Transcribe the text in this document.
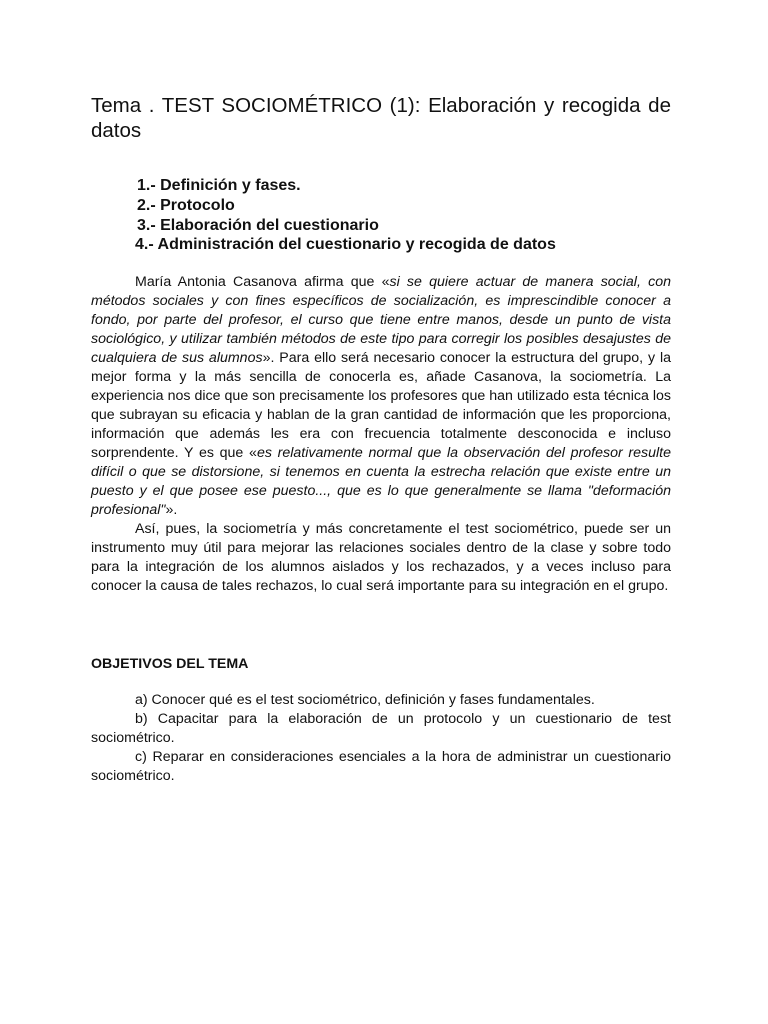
Tema . TEST SOCIOMÉTRICO (1): Elaboración y recogida de datos
1.- Definición y fases.
2.- Protocolo
3.- Elaboración del cuestionario
4.- Administración del cuestionario y recogida de datos

María Antonia Casanova afirma que «si se quiere actuar de manera social, con métodos sociales y con fines específicos de socialización, es imprescindible conocer a fondo, por parte del profesor, el curso que tiene entre manos, desde un punto de vista sociológico, y utilizar también métodos de este tipo para corregir los posibles desajustes de cualquiera de sus alumnos». Para ello será necesario conocer la estructura del grupo, y la mejor forma y la más sencilla de conocerla es, añade Casanova, la sociometría. La experiencia nos dice que son precisamente los profesores que han utilizado esta técnica los que subrayan su eficacia y hablan de la gran cantidad de información que les proporciona, información que además les era con frecuencia totalmente desconocida e incluso sorprendente. Y es que «es relativamente normal que la observación del profesor resulte difícil o que se distorsione, si tenemos en cuenta la estrecha relación que existe entre un puesto y el que posee ese puesto..., que es lo que generalmente se llama "deformación profesional"».

Así, pues, la sociometría y más concretamente el test sociométrico, puede ser un instrumento muy útil para mejorar las relaciones sociales dentro de la clase y sobre todo para la integración de los alumnos aislados y los rechazados, y a veces incluso para conocer la causa de tales rechazos, lo cual será importante para su integración en el grupo.

OBJETIVOS DEL TEMA

a) Conocer qué es el test sociométrico, definición y fases fundamentales.

b) Capacitar para la elaboración de un protocolo y un cuestionario de test sociométrico.

c) Reparar en consideraciones esenciales a la hora de administrar un cuestionario sociométrico.
